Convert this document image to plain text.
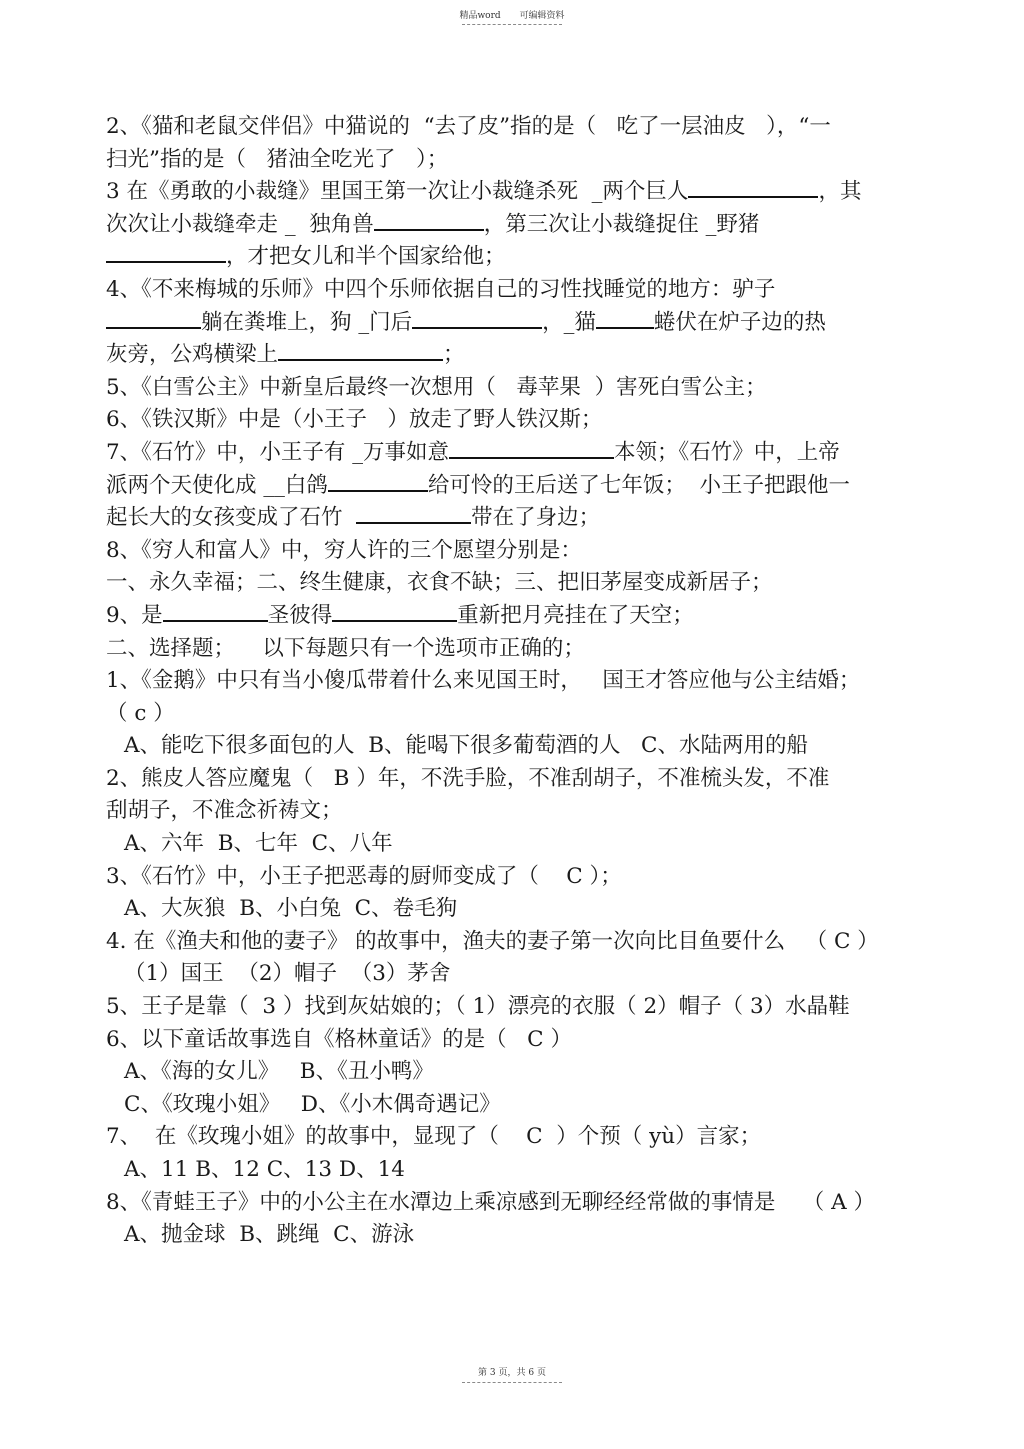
精品word 可编辑资料
2、《猫和老鼠交伴侣》中猫说的  “去了皮”指的是（   吃了一层油皮   ），“一
扫光”指的是（   猪油全吃光了   ）；
3 在《勇敢的小裁缝》里国王第一次让小裁缝杀死  _两个巨人	，其
次次让小裁缝牵走 _  独角兽	，第三次让小裁缝捉住 _野猪
，才把女儿和半个国家给他；
4、《不来梅城的乐师》中四个乐师依据自己的习性找睡觉的地方：驴子
躺在粪堆上，狗 _门后	，_猫	蜷伏在炉子边的热
灰旁，公鸡横梁上	；
5、《白雪公主》中新皇后最终一次想用（   毒苹果  ）害死白雪公主；
6、《铁汉斯》中是（小王子   ）放走了野人铁汉斯；
7、《石竹》中，小王子有 _万事如意	本领；《石竹》中，上帝
派两个天使化成 __白鸽	给可怜的王后送了七年饭；  小王子把跟他一
起长大的女孩变成了石竹	带在了身边；
8、《穷人和富人》中，穷人许的三个愿望分别是：
一、永久幸福；二、终生健康，衣食不缺；三、把旧茅屋变成新居子；
9、是	圣彼得	重新把月亮挂在了天空；
二、选择题；    以下每题只有一个选项市正确的；
1、《金鹅》中只有当小傻瓜带着什么来见国王时，   国王才答应他与公主结婚；
（ c ）
A、能吃下很多面包的人  B、能喝下很多葡萄酒的人   C、水陆两用的船
2、熊皮人答应魔鬼（   B ）年，不洗手脸，不准刮胡子，不准梳头发，不准
刮胡子，不准念祈祷文；
A、六年  B、七年  C、八年
3、《石竹》中，小王子把恶毒的厨师变成了（    C ）；
A、大灰狼  B、小白兔  C、卷毛狗
4. 在《渔夫和他的妻子》 的故事中，渔夫的妻子第一次向比目鱼要什么   （ C ）
（1）国王  （2）帽子  （3）茅舍
5、王子是靠（  3 ）找到灰姑娘的；（ 1）漂亮的衣服（ 2）帽子（ 3）水晶鞋
6、以下童话故事选自《格林童话》的是（   C ）
A、《海的女儿》   B、《丑小鸭》
C、《玫瑰小姐》   D、《小木偶奇遇记》
7、  在《玫瑰小姐》的故事中，显现了（    C  ）个预（ yù）言家；
A、11 B、12 C、13 D、14
8、《青蛙王子》中的小公主在水潭边上乘凉感到无聊经经常做的事情是    （ A ）
A、抛金球  B、跳绳  C、游泳
第 3 页，共 6 页
